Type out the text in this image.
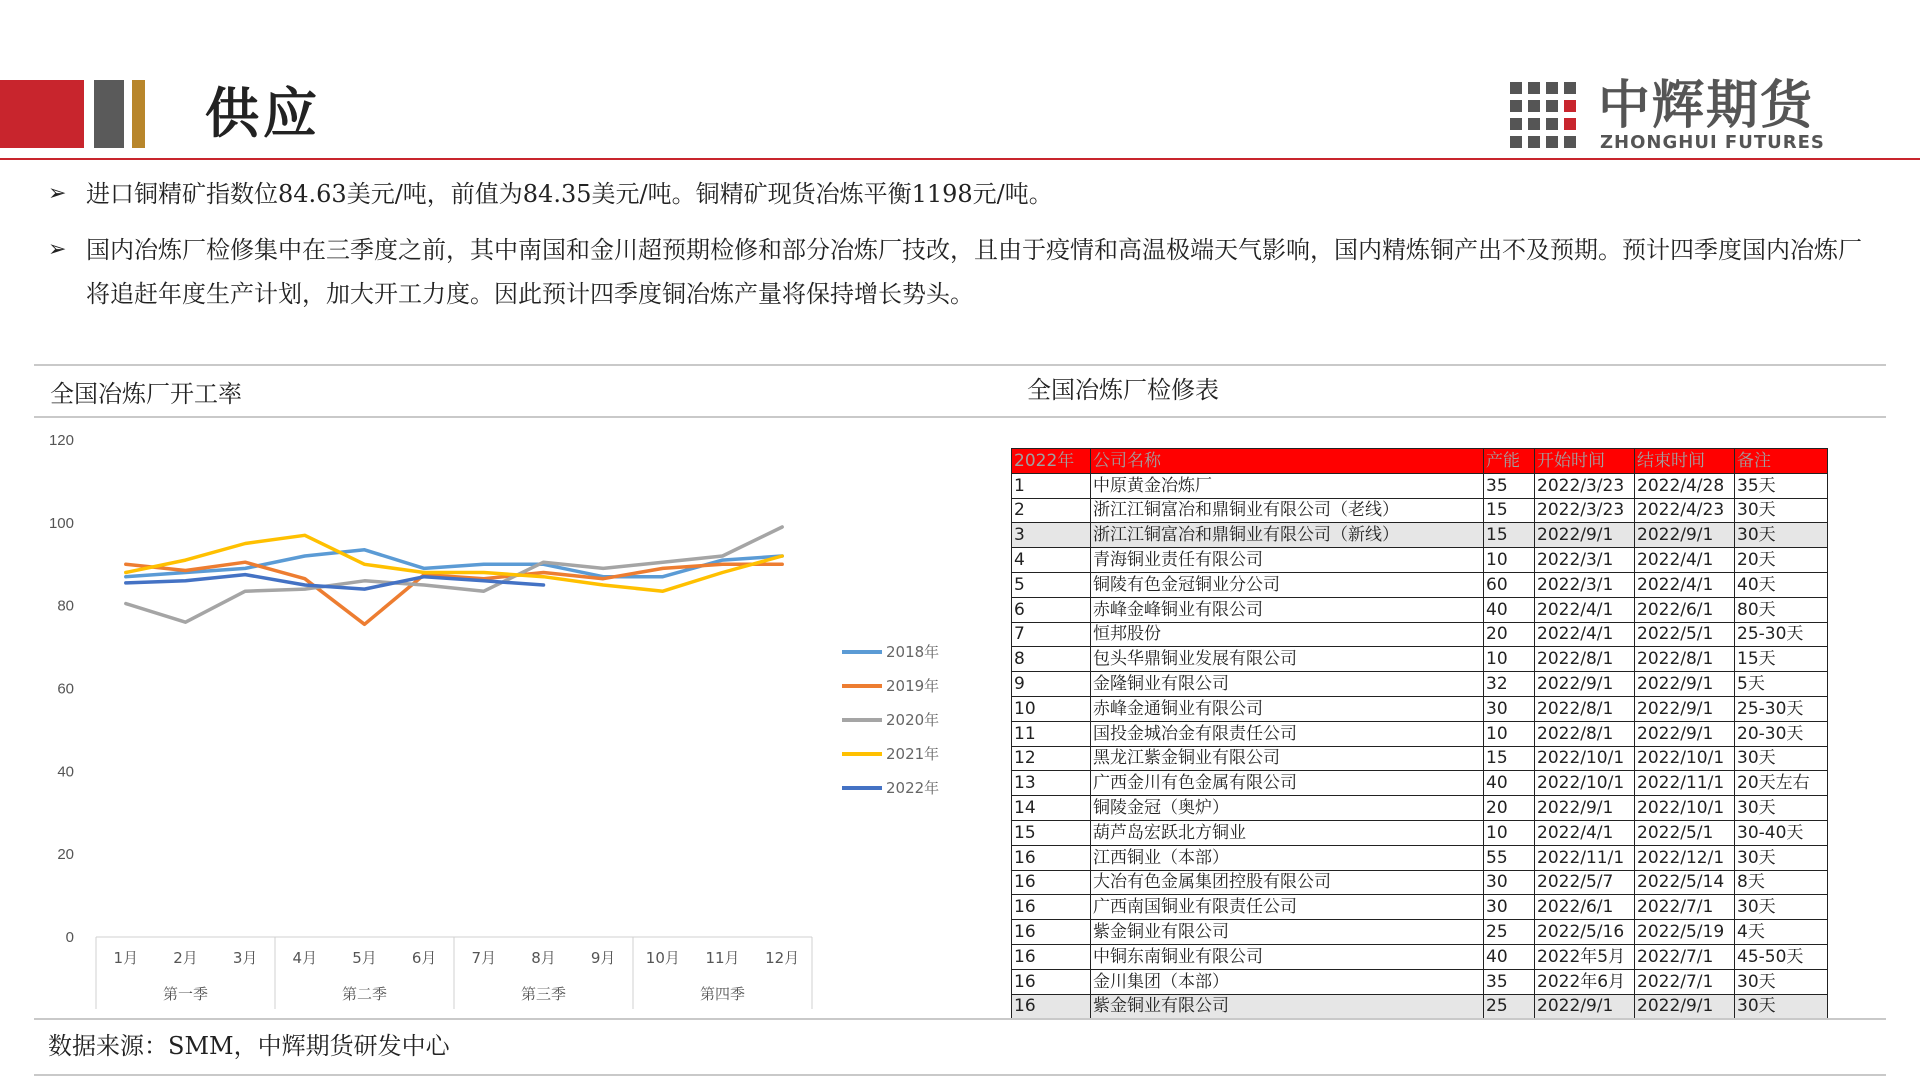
供应	中辉期货
ZHONGHUI FUTURES
➢ 进口铜精矿指数位84.63美元/吨，前值为84.35美元/吨。铜精矿现货冶炼平衡1198元/吨。
➢ 国内冶炼厂检修集中在三季度之前，其中南国和金川超预期检修和部分冶炼厂技改，且由于疫情和高温极端天气影响，国内精炼铜产出不及预期。预计四季度国内冶炼厂将追赶年度生产计划，加大开工力度。因此预计四季度铜冶炼产量将保持增长势头。
全国冶炼厂开工率	全国冶炼厂检修表
0
20
40
60
80
100
120
1月 2月 3月 4月 5月 6月 7月 8月 9月 10月 11月 12月
第一季	第二季	第三季	第四季
2018年
2019年
2020年
2021年
2022年
2022年	公司名称	产能	开始时间	结束时间	备注
1	中原黄金冶炼厂	35	2022/3/23	2022/4/28	35天
2	浙江江铜富冶和鼎铜业有限公司（老线）	15	2022/3/23	2022/4/23	30天
3	浙江江铜富冶和鼎铜业有限公司（新线）	15	2022/9/1	2022/9/1	30天
4	青海铜业责任有限公司	10	2022/3/1	2022/4/1	20天
5	铜陵有色金冠铜业分公司	60	2022/3/1	2022/4/1	40天
6	赤峰金峰铜业有限公司	40	2022/4/1	2022/6/1	80天
7	恒邦股份	20	2022/4/1	2022/5/1	25-30天
8	包头华鼎铜业发展有限公司	10	2022/8/1	2022/8/1	15天
9	金隆铜业有限公司	32	2022/9/1	2022/9/1	5天
10	赤峰金通铜业有限公司	30	2022/8/1	2022/9/1	25-30天
11	国投金城冶金有限责任公司	10	2022/8/1	2022/9/1	20-30天
12	黑龙江紫金铜业有限公司	15	2022/10/1	2022/10/1	30天
13	广西金川有色金属有限公司	40	2022/10/1	2022/11/1	20天左右
14	铜陵金冠（奥炉）	20	2022/9/1	2022/10/1	30天
15	葫芦岛宏跃北方铜业	10	2022/4/1	2022/5/1	30-40天
16	江西铜业（本部）	55	2022/11/1	2022/12/1	30天
16	大冶有色金属集团控股有限公司	30	2022/5/7	2022/5/14	8天
16	广西南国铜业有限责任公司	30	2022/6/1	2022/7/1	30天
16	紫金铜业有限公司	25	2022/5/16	2022/5/19	4天
16	中铜东南铜业有限公司	40	2022年5月	2022/7/1	45-50天
16	金川集团（本部）	35	2022年6月	2022/7/1	30天
16	紫金铜业有限公司	25	2022/9/1	2022/9/1	30天
数据来源：SMM，中辉期货研发中心
